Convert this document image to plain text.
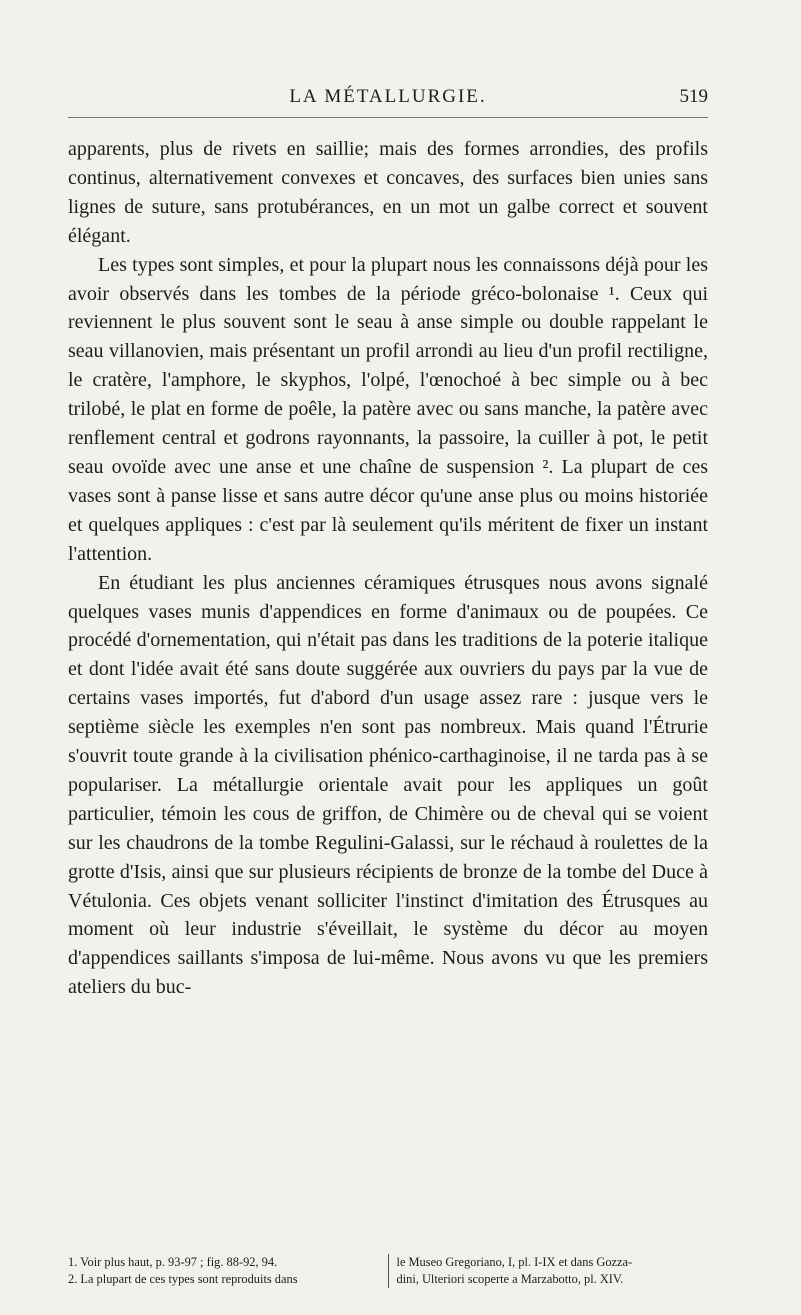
LA MÉTALLURGIE.	519

apparents, plus de rivets en saillie; mais des formes arrondies, des profils continus, alternativement convexes et concaves, des surfaces bien unies sans lignes de suture, sans protubérances, en un mot un galbe correct et souvent élégant.

Les types sont simples, et pour la plupart nous les connaissons déjà pour les avoir observés dans les tombes de la période gréco-bolonaise ¹. Ceux qui reviennent le plus souvent sont le seau à anse simple ou double rappelant le seau villanovien, mais présentant un profil arrondi au lieu d'un profil rectiligne, le cratère, l'amphore, le skyphos, l'olpé, l'œnochoé à bec simple ou à bec trilobé, le plat en forme de poêle, la patère avec ou sans manche, la patère avec renflement central et godrons rayonnants, la passoire, la cuiller à pot, le petit seau ovoïde avec une anse et une chaîne de suspension ². La plupart de ces vases sont à panse lisse et sans autre décor qu'une anse plus ou moins historiée et quelques appliques : c'est par là seulement qu'ils méritent de fixer un instant l'attention.

En étudiant les plus anciennes céramiques étrusques nous avons signalé quelques vases munis d'appendices en forme d'animaux ou de poupées. Ce procédé d'ornementation, qui n'était pas dans les traditions de la poterie italique et dont l'idée avait été sans doute suggérée aux ouvriers du pays par la vue de certains vases importés, fut d'abord d'un usage assez rare : jusque vers le septième siècle les exemples n'en sont pas nombreux. Mais quand l'Étrurie s'ouvrit toute grande à la civilisation phénico-carthaginoise, il ne tarda pas à se populariser. La métallurgie orientale avait pour les appliques un goût particulier, témoin les cous de griffon, de Chimère ou de cheval qui se voient sur les chaudrons de la tombe Regulini-Galassi, sur le réchaud à roulettes de la grotte d'Isis, ainsi que sur plusieurs récipients de bronze de la tombe del Duce à Vétulonia. Ces objets venant solliciter l'instinct d'imitation des Étrusques au moment où leur industrie s'éveillait, le système du décor au moyen d'appendices saillants s'imposa de lui-même. Nous avons vu que les premiers ateliers du buc-

1. Voir plus haut, p. 93-97 ; fig. 88-92, 94.
2. La plupart de ces types sont reproduits dans
le Museo Gregoriano, I, pl. I-IX et dans Gozza-
dini, Ulteriori scoperte a Marzabotto, pl. XIV.
